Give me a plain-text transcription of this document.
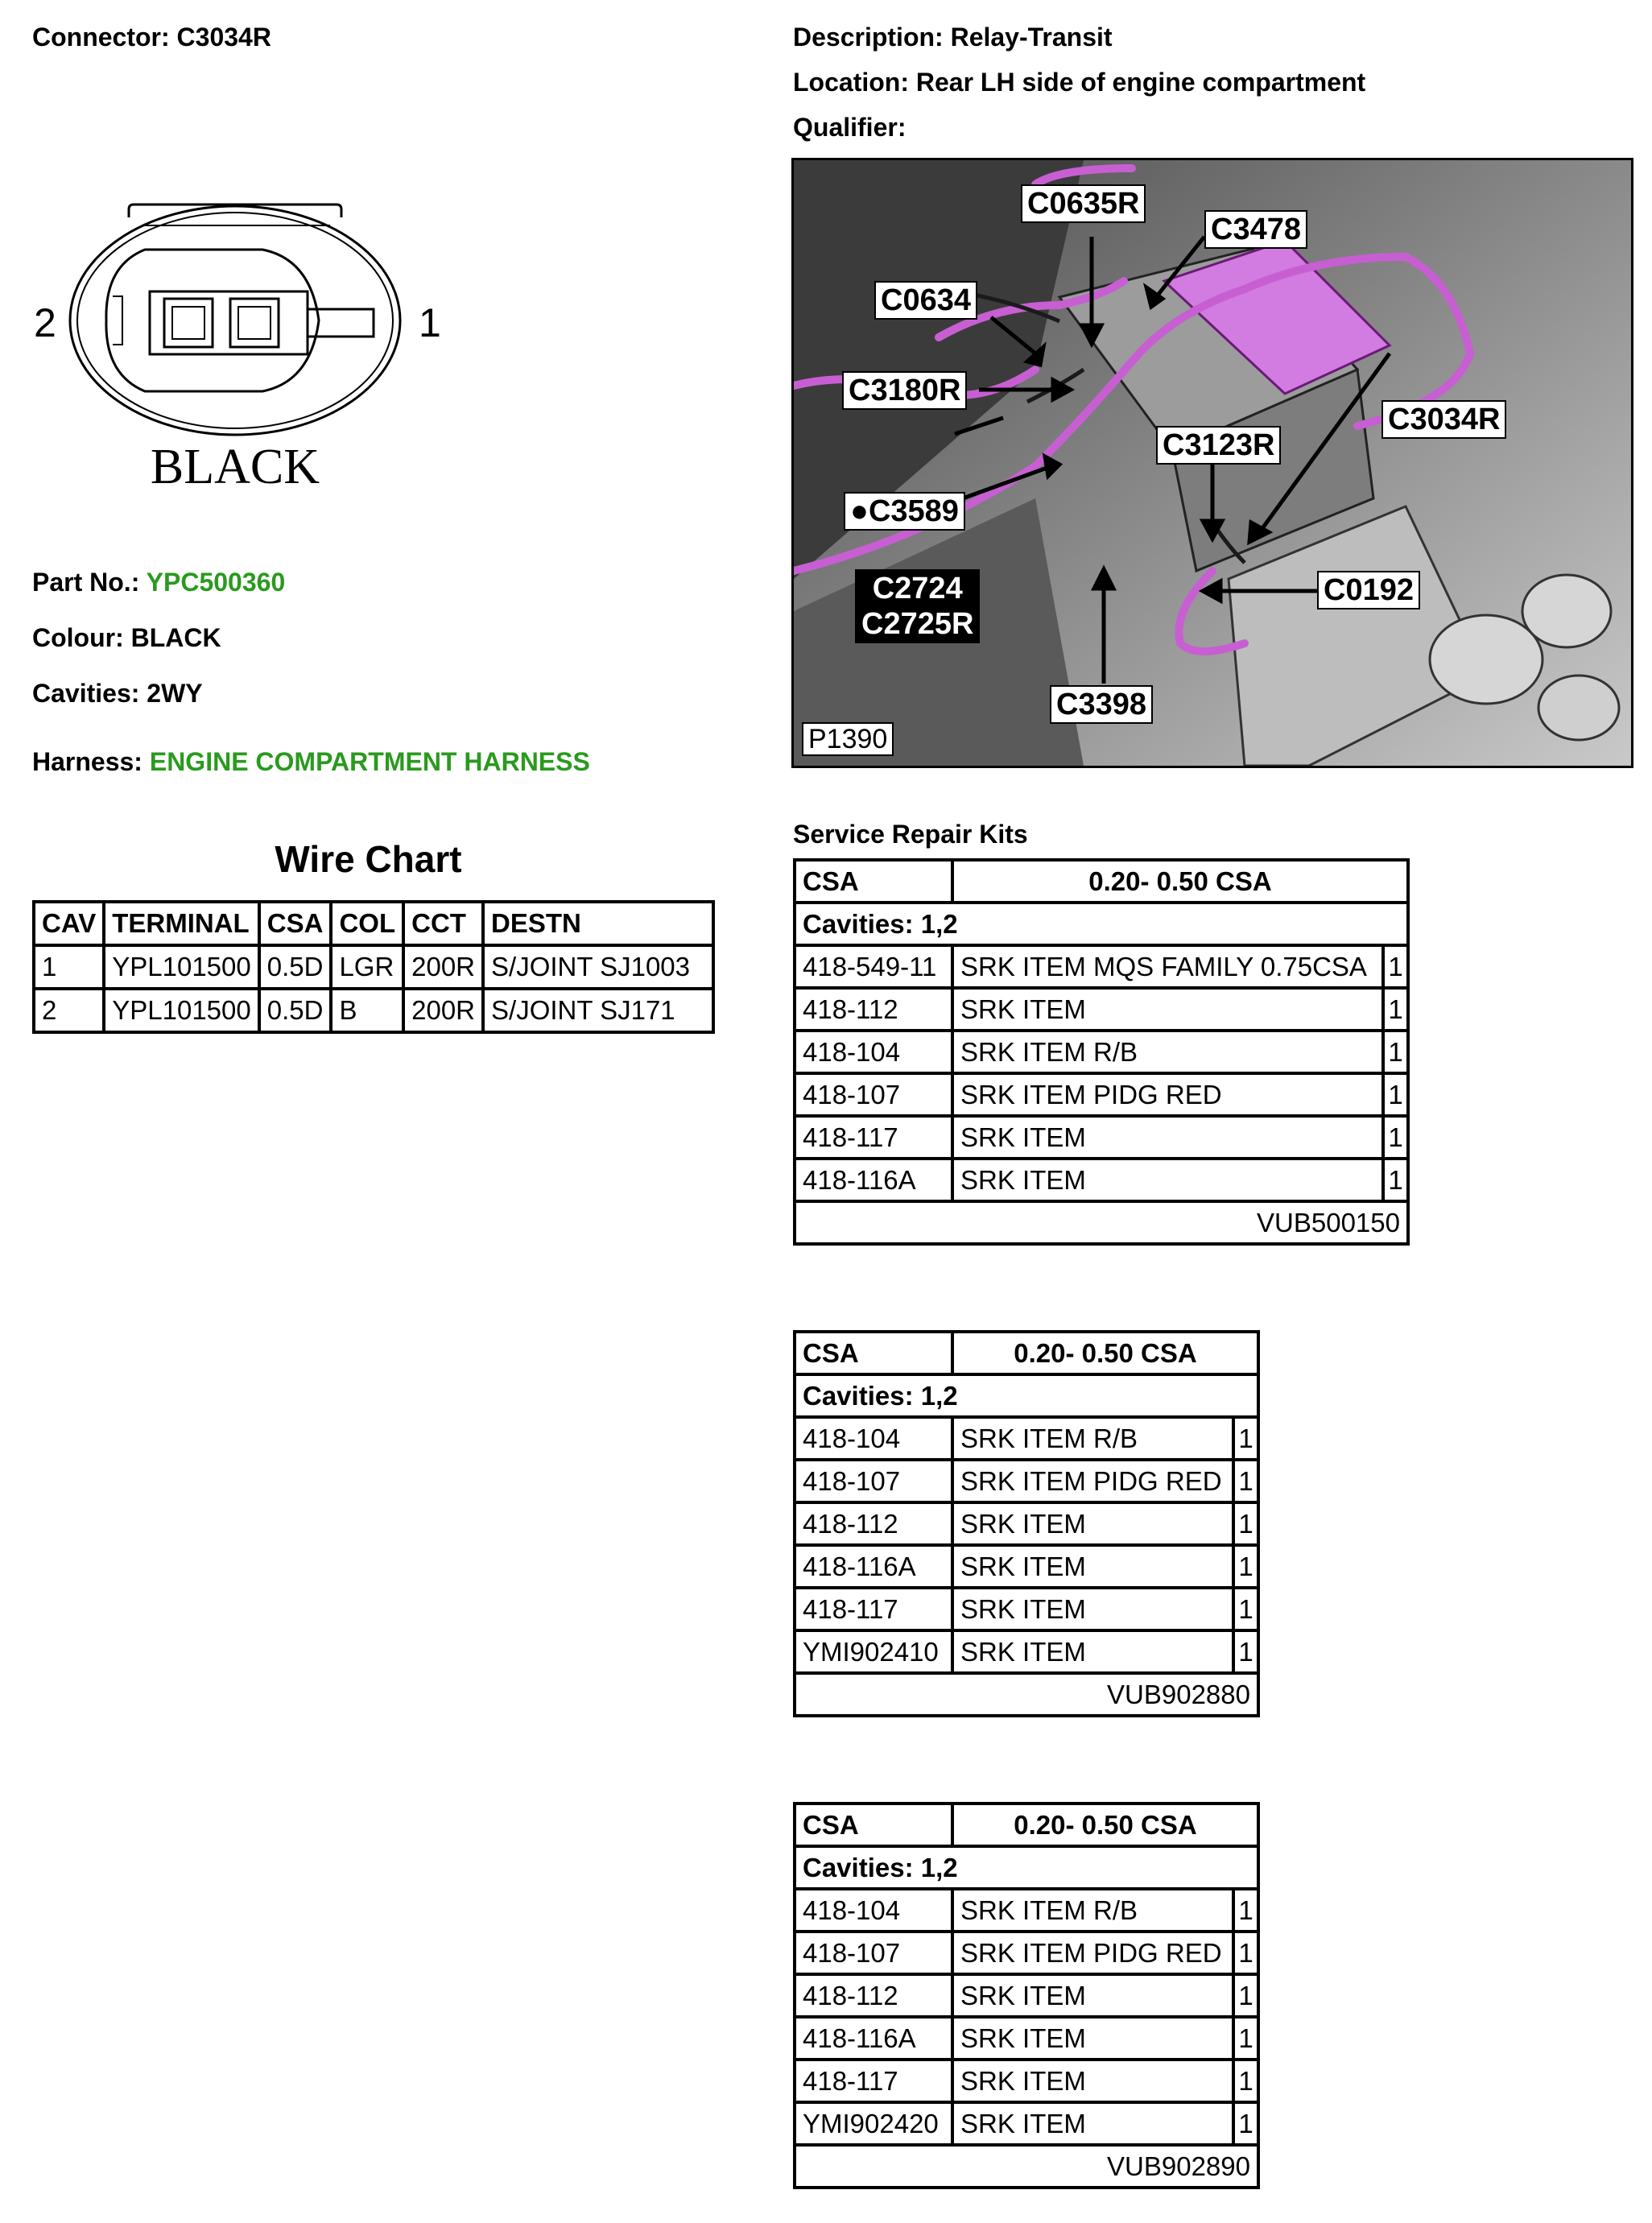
Connector: C3034R	Description: Relay-Transit
Location: Rear LH side of engine compartment
Qualifier:
2	1
BLACK
Part No.: YPC500360
Colour: BLACK
Cavities: 2WY
Harness: ENGINE COMPARTMENT HARNESS
Wire Chart
CAV	TERMINAL	CSA	COL	CCT	DESTN
1	YPL101500	0.5D	LGR	200R	S/JOINT SJ1003
2	YPL101500	0.5D	B	200R	S/JOINT SJ171
C0635R
C3478
C0634
C3180R
C3034R
C3123R
●C3589
C2724
C2725R
C0192
C3398
P1390
Service Repair Kits
CSA	0.20- 0.50 CSA	
Cavities: 1,2		
418-549-11	SRK ITEM MQS FAMILY 0.75CSA	1
418-112	SRK ITEM	1
418-104	SRK ITEM R/B	1
418-107	SRK ITEM PIDG RED	1
418-117	SRK ITEM	1
418-116A	SRK ITEM	1
VUB500150		
CSA	0.20- 0.50 CSA	
Cavities: 1,2		
418-104	SRK ITEM R/B	1
418-107	SRK ITEM PIDG RED	1
418-112	SRK ITEM	1
418-116A	SRK ITEM	1
418-117	SRK ITEM	1
YMI902410	SRK ITEM	1
VUB902880		
CSA	0.20- 0.50 CSA	
Cavities: 1,2		
418-104	SRK ITEM R/B	1
418-107	SRK ITEM PIDG RED	1
418-112	SRK ITEM	1
418-116A	SRK ITEM	1
418-117	SRK ITEM	1
YMI902420	SRK ITEM	1
VUB902890		
